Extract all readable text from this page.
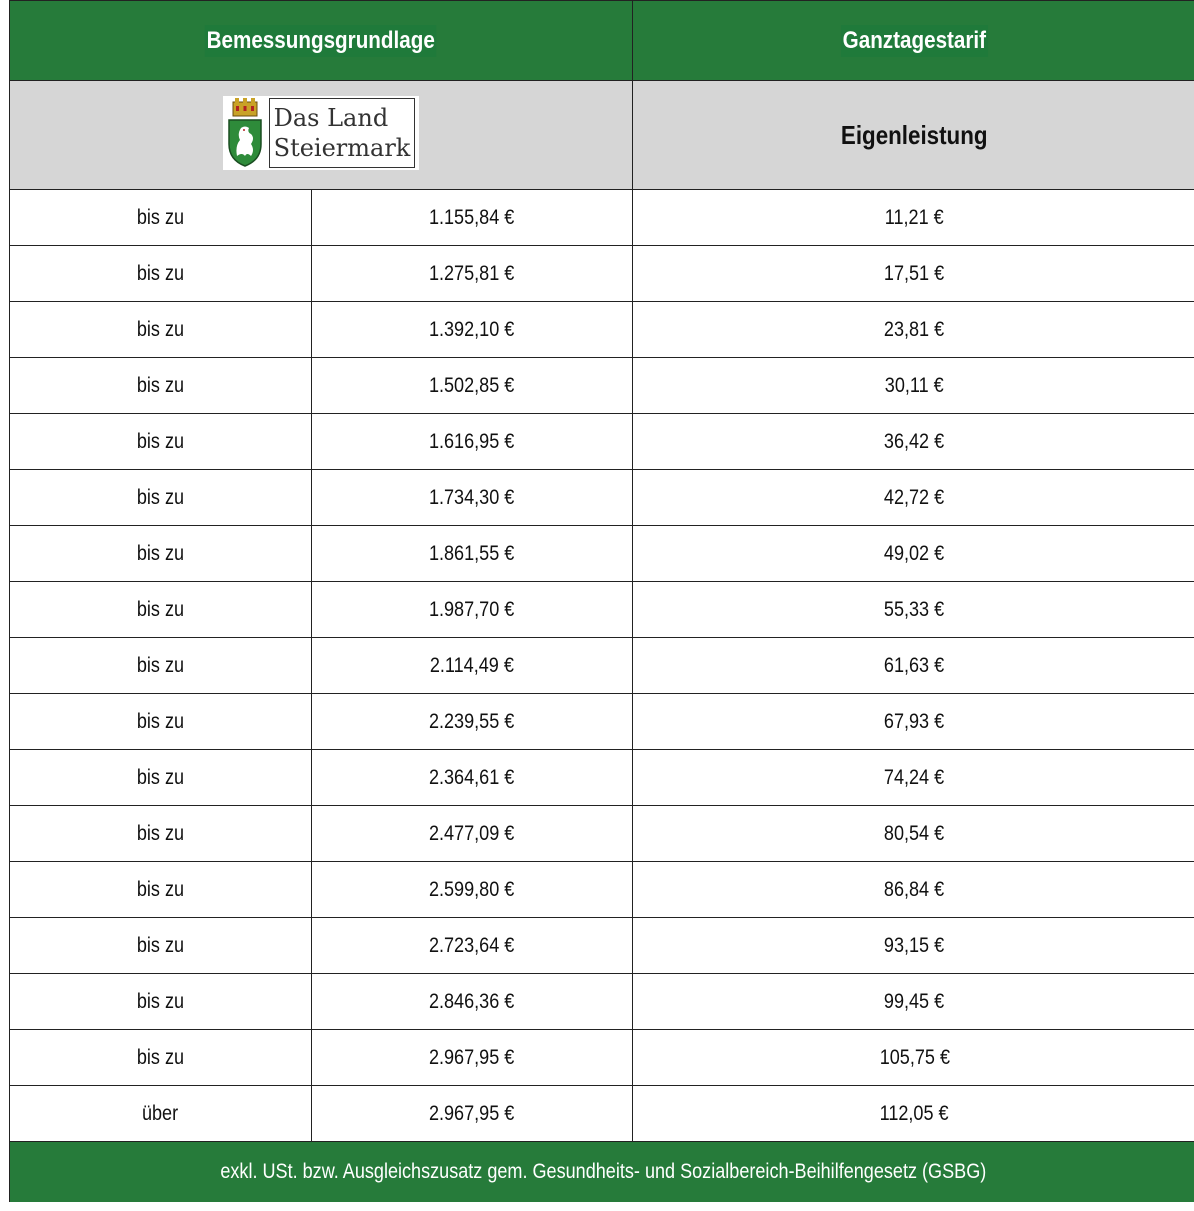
Bemessungsgrundlage		Ganztagestarif

Das Land
Steiermark		Eigenleistung
bis zu	1.155,84 €	11,21 €
bis zu	1.275,81 €	17,51 €
bis zu	1.392,10 €	23,81 €
bis zu	1.502,85 €	30,11 €
bis zu	1.616,95 €	36,42 €
bis zu	1.734,30 €	42,72 €
bis zu	1.861,55 €	49,02 €
bis zu	1.987,70 €	55,33 €
bis zu	2.114,49 €	61,63 €
bis zu	2.239,55 €	67,93 €
bis zu	2.364,61 €	74,24 €
bis zu	2.477,09 €	80,54 €
bis zu	2.599,80 €	86,84 €
bis zu	2.723,64 €	93,15 €
bis zu	2.846,36 €	99,45 €
bis zu	2.967,95 €	105,75 €
über	2.967,95 €	112,05 €
exkl. USt. bzw. Ausgleichszusatz gem. Gesundheits- und Sozialbereich-Beihilfengesetz (GSBG)		
